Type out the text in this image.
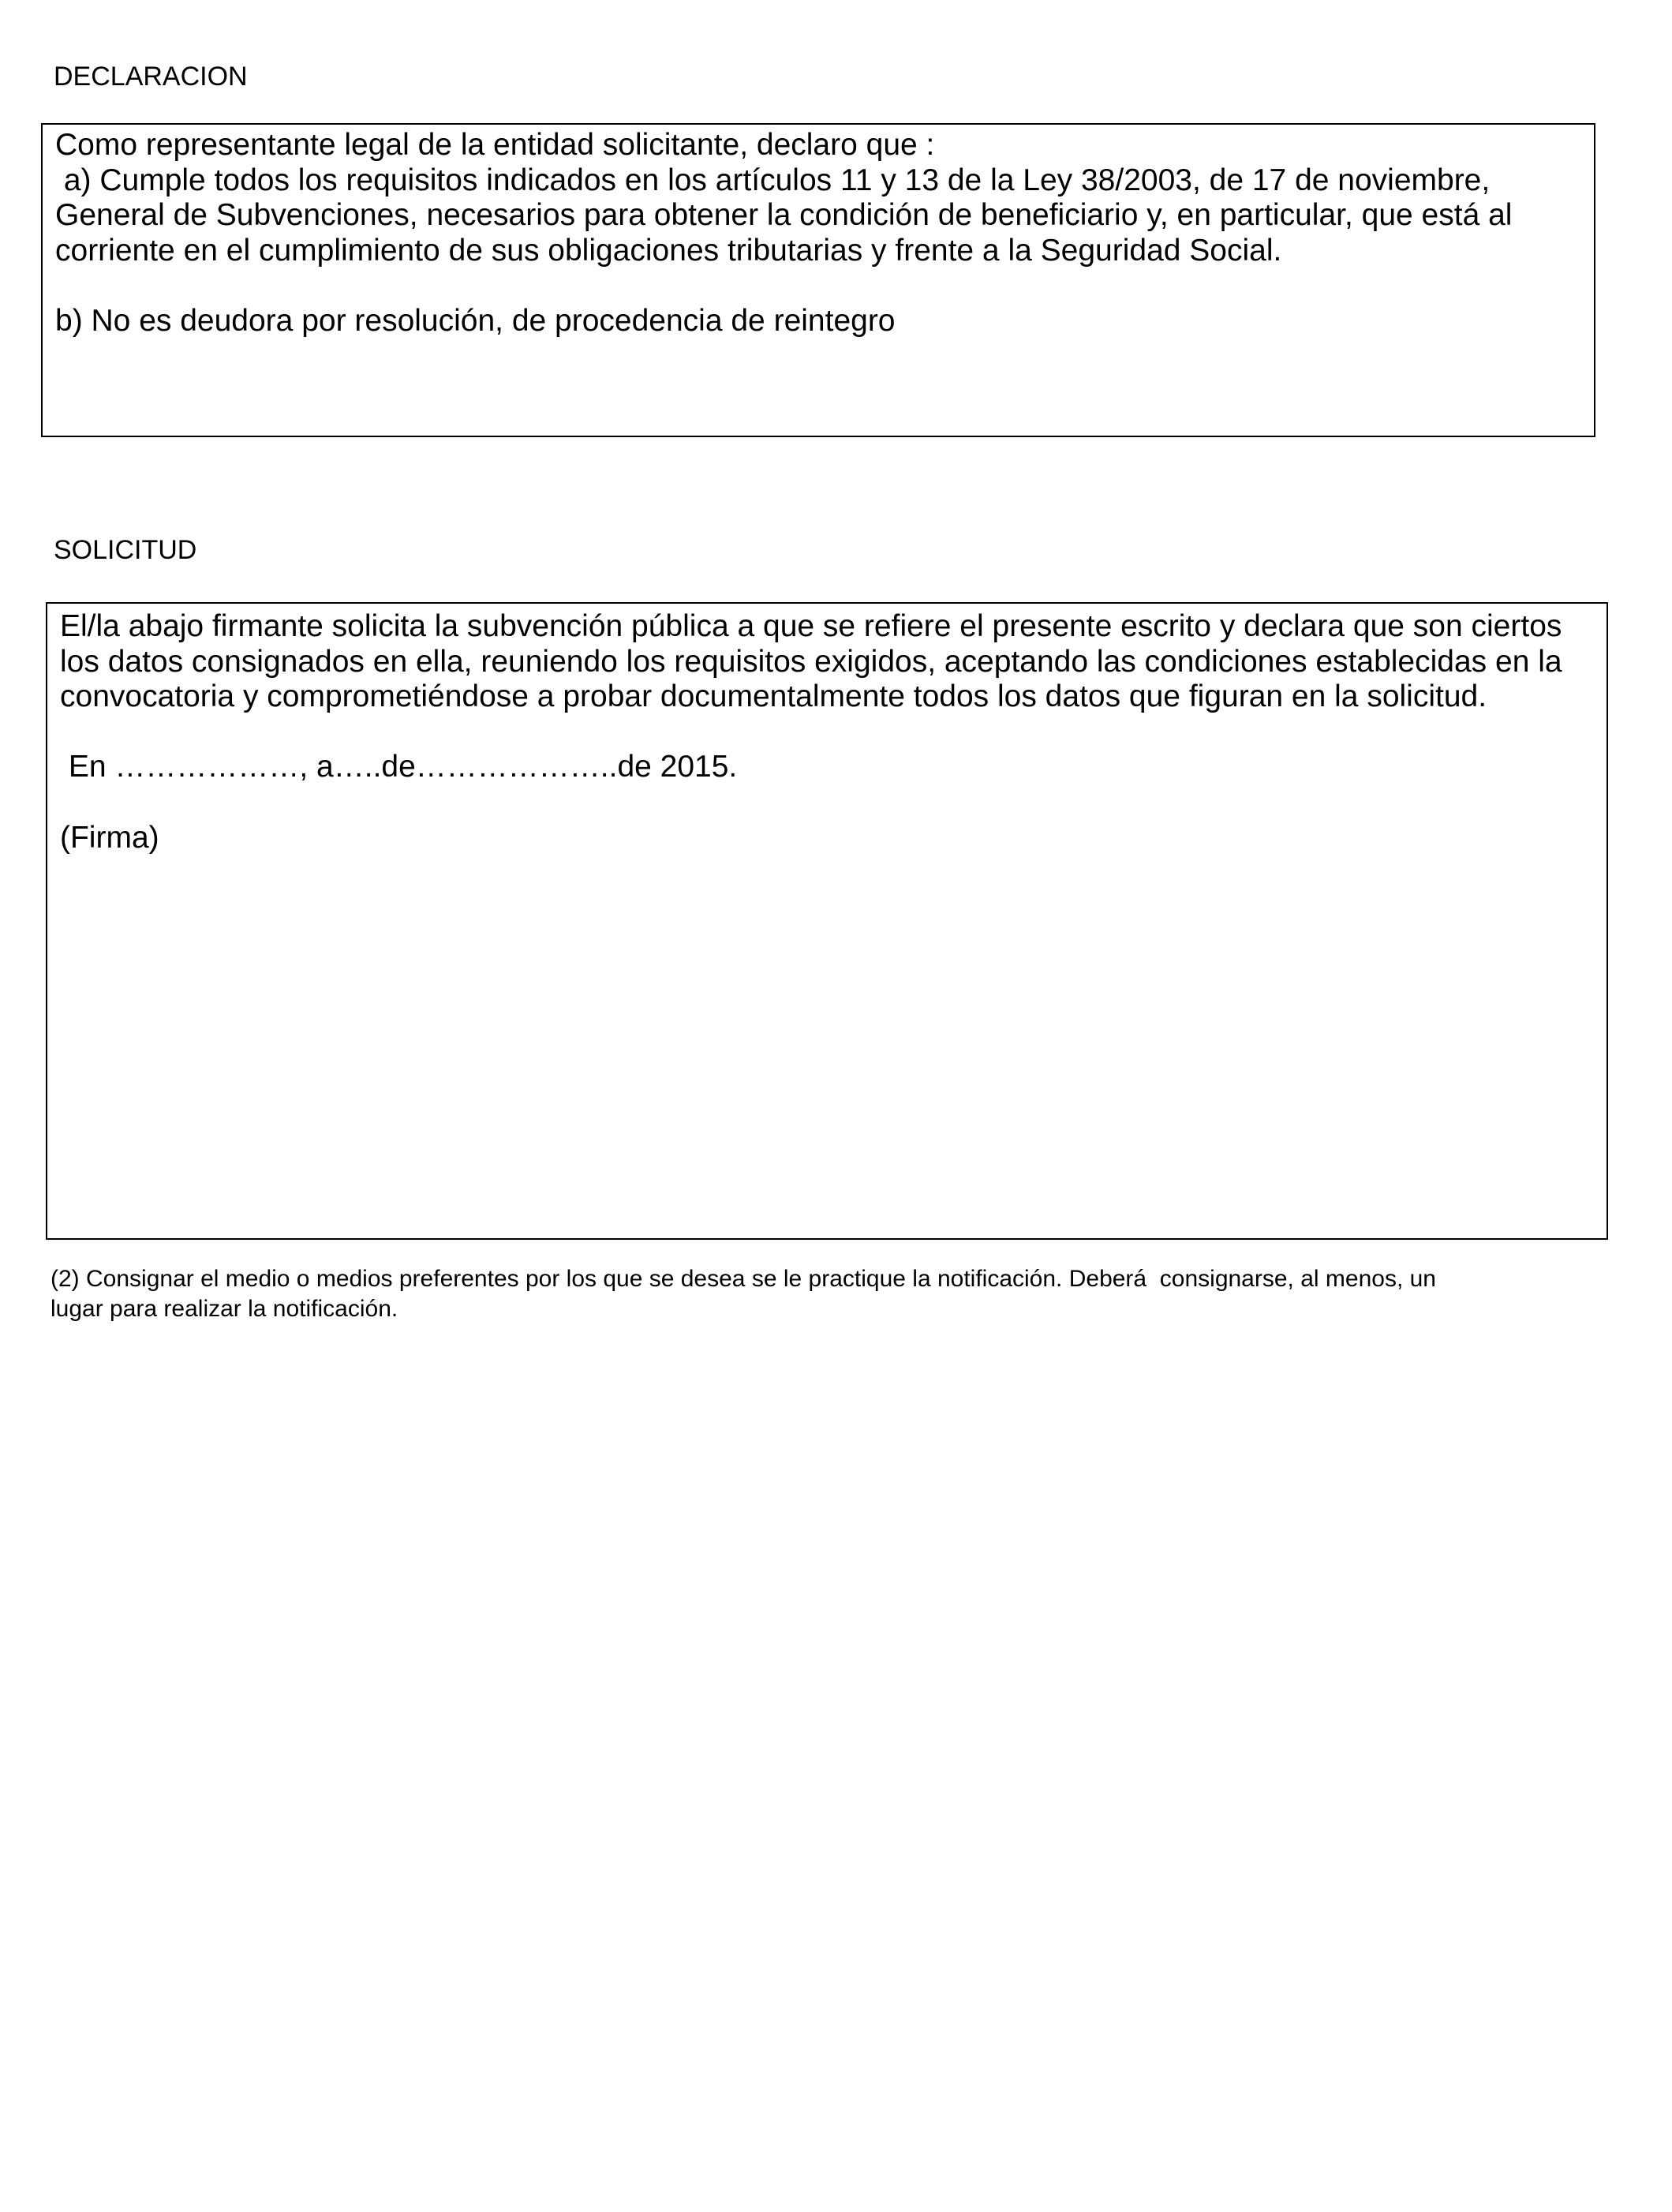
DECLARACION

Como representante legal de la entidad solicitante, declaro que :

a) Cumple todos los requisitos indicados en los artículos 11 y 13 de la Ley 38/2003, de 17 de noviembre,

General de Subvenciones, necesarios para obtener la condición de beneficiario y, en particular, que está al

corriente en el cumplimiento de sus obligaciones tributarias y frente a la Seguridad Social.

b) No es deudora por resolución, de procedencia de reintegro

SOLICITUD

El/la abajo firmante solicita la subvención pública a que se refiere el presente escrito y declara que son ciertos

los datos consignados en ella, reuniendo los requisitos exigidos, aceptando las condiciones establecidas en la

convocatoria y comprometiéndose a probar documentalmente todos los datos que figuran en la solicitud.

En ………………, a…..de………………..de 2015.

(Firma)

(2) Consignar el medio o medios preferentes por los que se desea se le practique la notificación. Deberá  consignarse, al menos, un

lugar para realizar la notificación.
